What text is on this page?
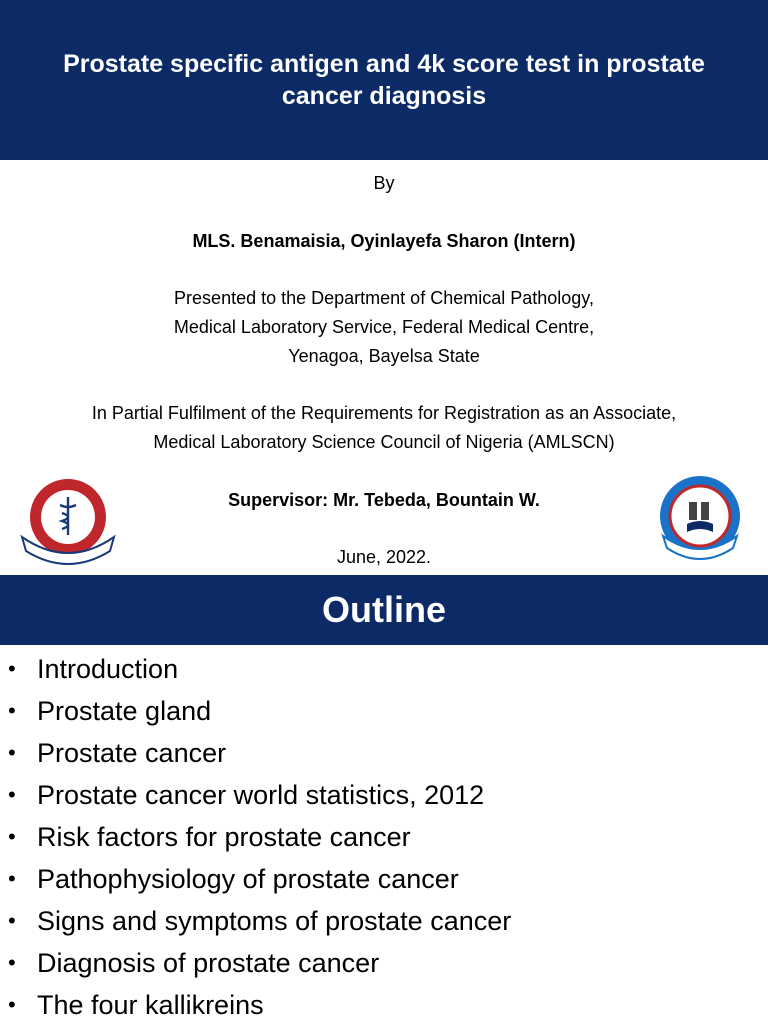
Prostate specific antigen and 4k score test in prostate
cancer diagnosis
By
MLS. Benamaisia, Oyinlayefa Sharon (Intern)
Presented to the Department of Chemical Pathology,
Medical Laboratory Service, Federal Medical Centre,
Yenagoa, Bayelsa State
In Partial Fulfilment of the Requirements for Registration as an Associate,
Medical Laboratory Science Council of Nigeria (AMLSCN)
Supervisor: Mr. Tebeda, Bountain W.
June, 2022.
Outline
• Introduction
• Prostate gland
• Prostate cancer
• Prostate cancer world statistics, 2012
• Risk factors for prostate cancer
• Pathophysiology of prostate cancer
• Signs and symptoms of prostate cancer
• Diagnosis of prostate cancer
• The four kallikreins
